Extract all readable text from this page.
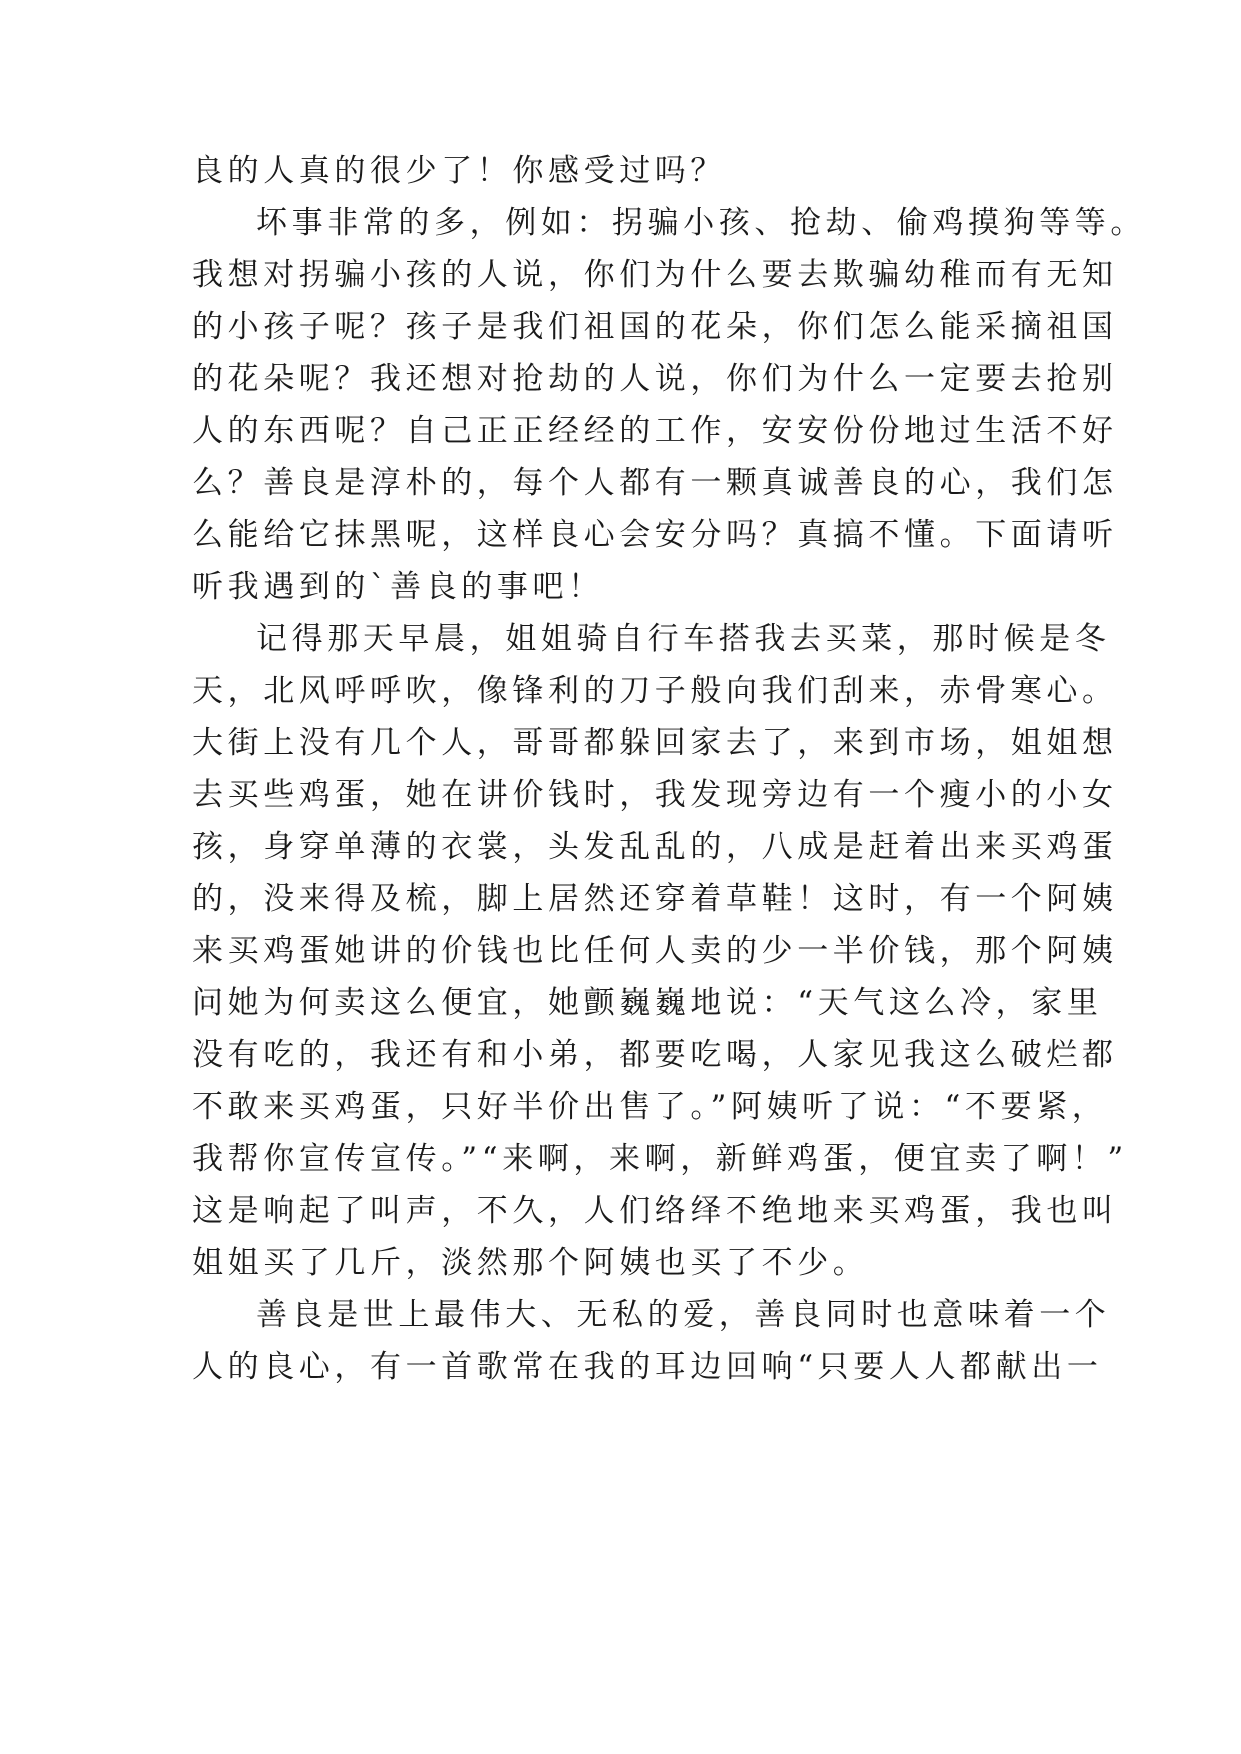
良的人真的很少了！你感受过吗？
坏事非常的多，例如：拐骗小孩、抢劫、偷鸡摸狗等等。
我想对拐骗小孩的人说，你们为什么要去欺骗幼稚而有无知
的小孩子呢？孩子是我们祖国的花朵，你们怎么能采摘祖国
的花朵呢？我还想对抢劫的人说，你们为什么一定要去抢别
人的东西呢？自己正正经经的工作，安安份份地过生活不好
么？善良是淳朴的，每个人都有一颗真诚善良的心，我们怎
么能给它抹黑呢，这样良心会安分吗？真搞不懂。下面请听
听我遇到的`善良的事吧！
记得那天早晨，姐姐骑自行车搭我去买菜，那时候是冬
天，北风呼呼吹，像锋利的刀子般向我们刮来，赤骨寒心。
大街上没有几个人，哥哥都躲回家去了，来到市场，姐姐想
去买些鸡蛋，她在讲价钱时，我发现旁边有一个瘦小的小女
孩，身穿单薄的衣裳，头发乱乱的，八成是赶着出来买鸡蛋
的，没来得及梳，脚上居然还穿着草鞋！这时，有一个阿姨
来买鸡蛋她讲的价钱也比任何人卖的少一半价钱，那个阿姨
问她为何卖这么便宜，她颤巍巍地说：“天气这么冷，家里
没有吃的，我还有和小弟，都要吃喝，人家见我这么破烂都
不敢来买鸡蛋，只好半价出售了。”阿姨听了说：“不要紧，
我帮你宣传宣传。”“来啊，来啊，新鲜鸡蛋，便宜卖了啊！”
这是响起了叫声，不久，人们络绎不绝地来买鸡蛋，我也叫
姐姐买了几斤，淡然那个阿姨也买了不少。
善良是世上最伟大、无私的爱，善良同时也意味着一个
人的良心，有一首歌常在我的耳边回响“只要人人都献出一
